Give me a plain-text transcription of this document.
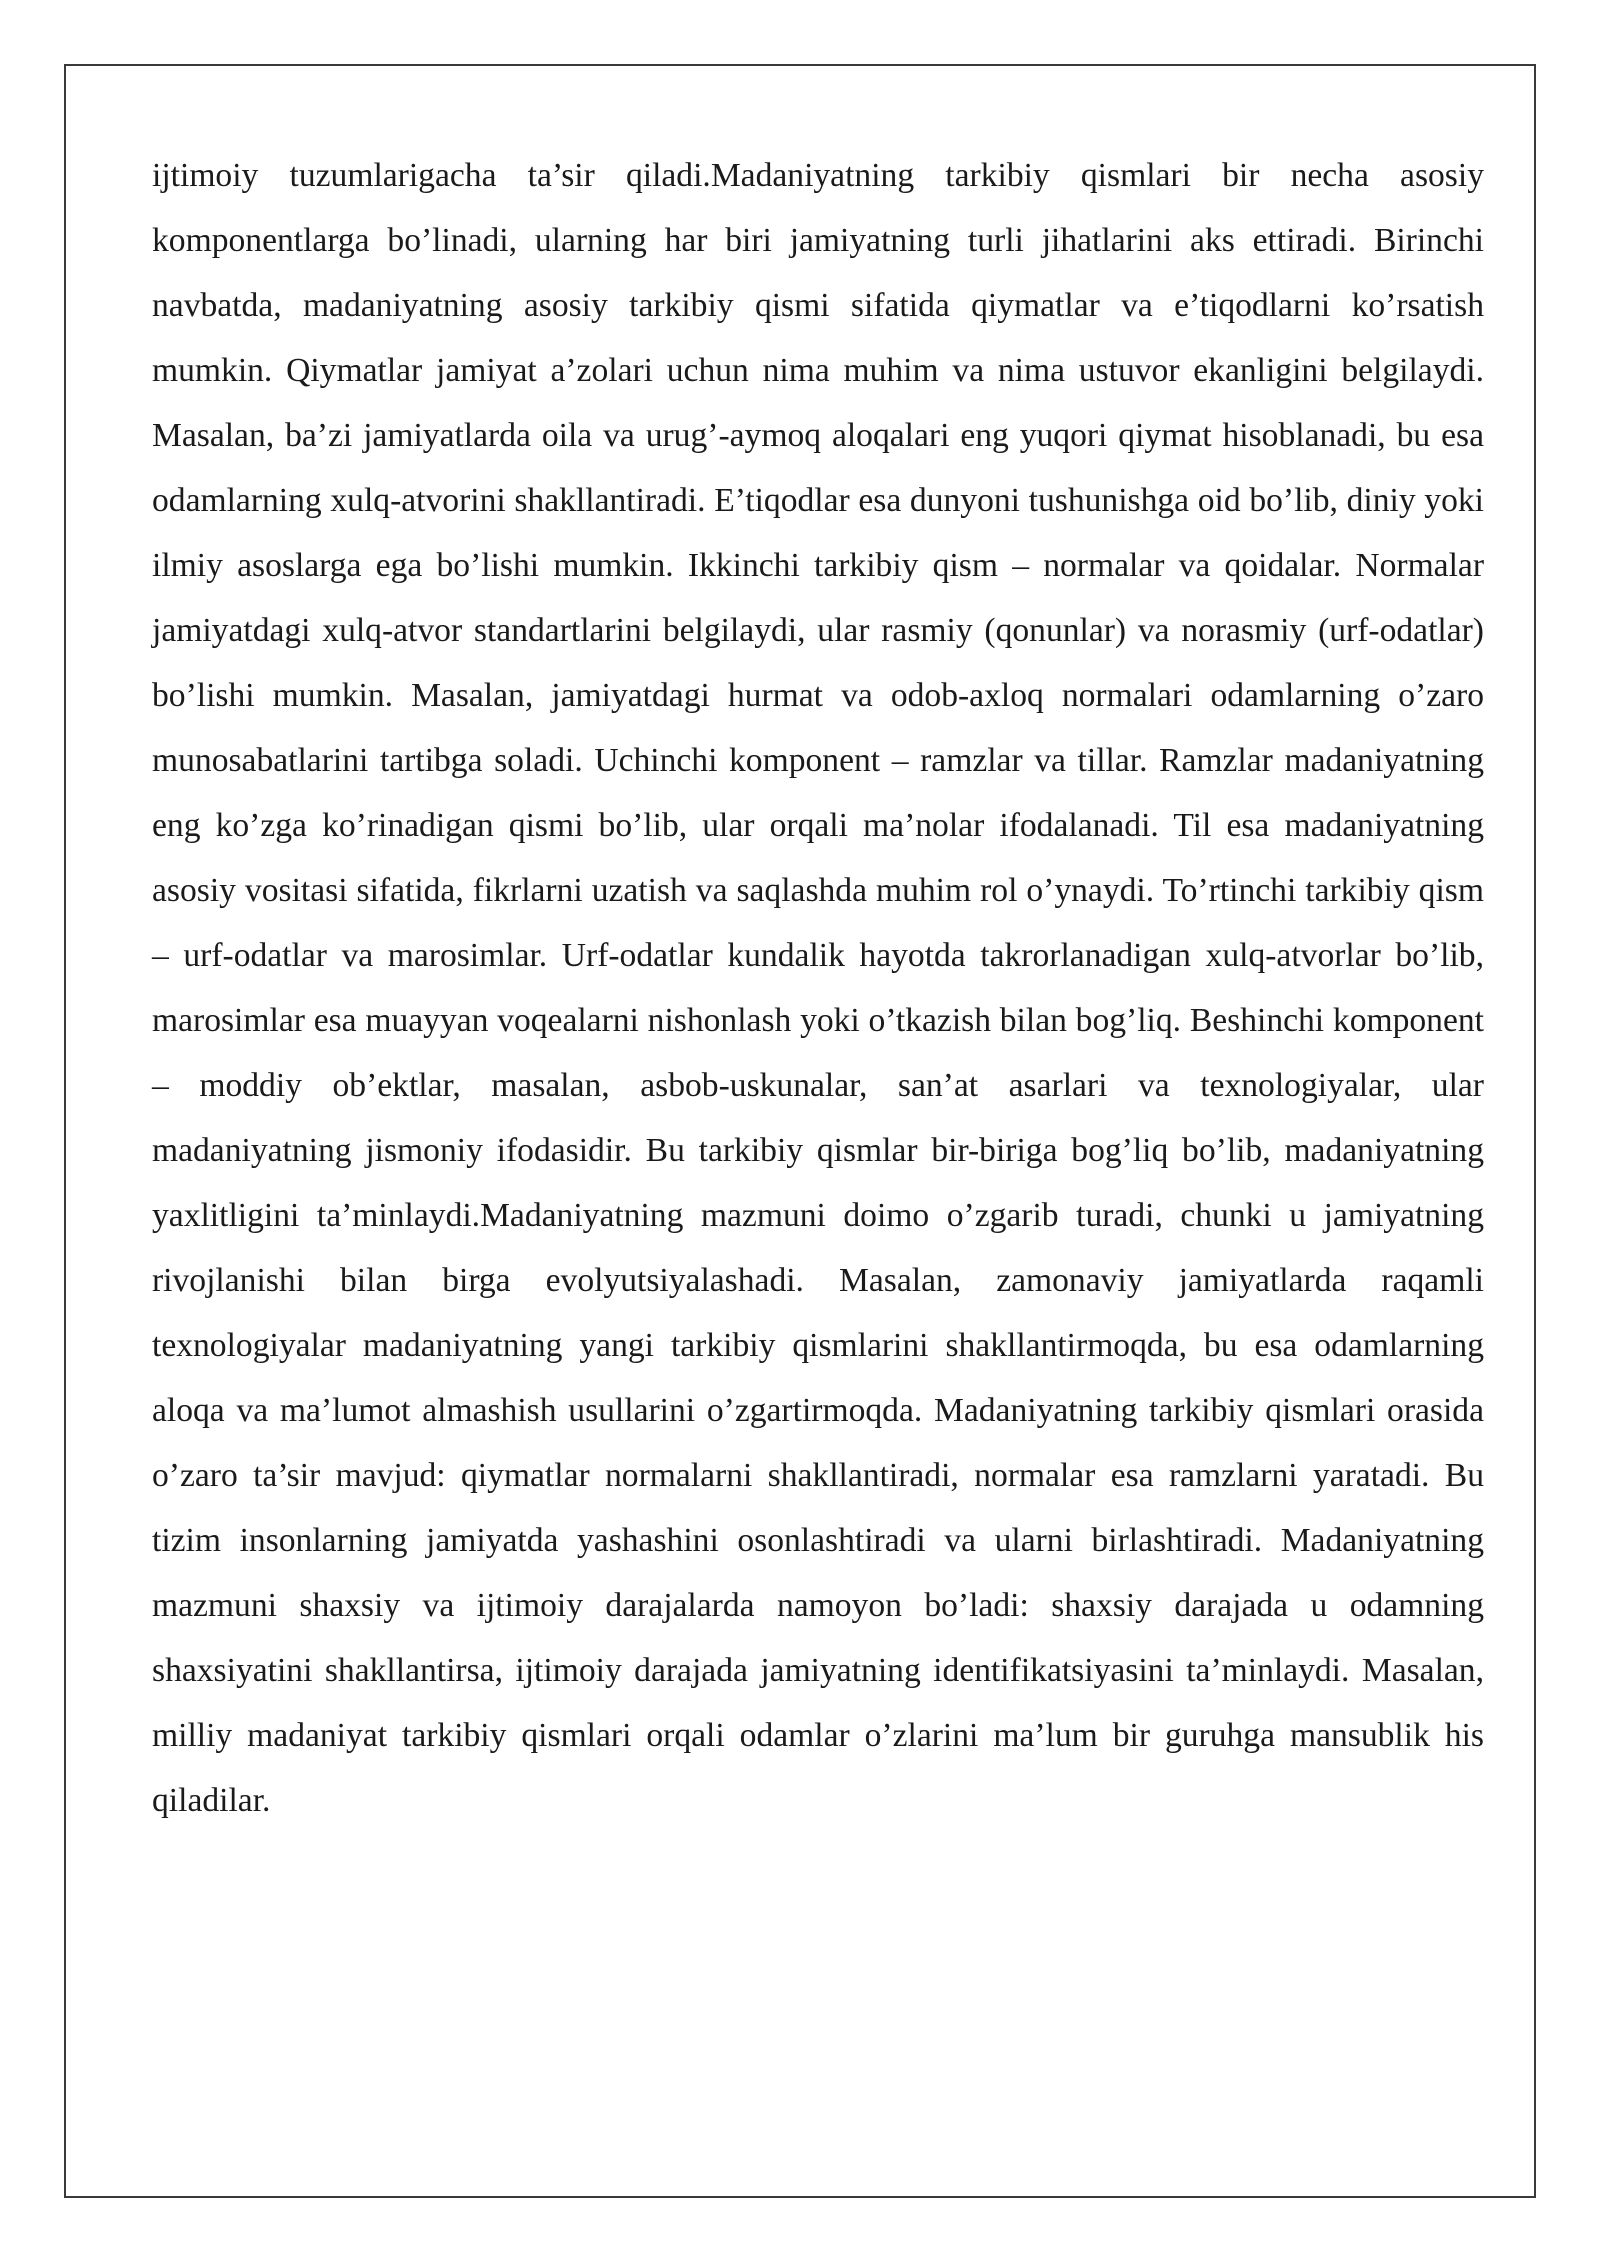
ijtimoiy tuzumlarigacha ta’sir qiladi.Madaniyatning tarkibiy qismlari bir necha asosiy komponentlarga bo’linadi, ularning har biri jamiyatning turli jihatlarini aks ettiradi. Birinchi navbatda, madaniyatning asosiy tarkibiy qismi sifatida qiymatlar va e’tiqodlarni ko’rsatish mumkin. Qiymatlar jamiyat a’zolari uchun nima muhim va nima ustuvor ekanligini belgilaydi. Masalan, ba’zi jamiyatlarda oila va urug’-aymoq aloqalari eng yuqori qiymat hisoblanadi, bu esa odamlarning xulq-atvorini shakllantiradi. E’tiqodlar esa dunyoni tushunishga oid bo’lib, diniy yoki ilmiy asoslarga ega bo’lishi mumkin. Ikkinchi tarkibiy qism – normalar va qoidalar. Normalar jamiyatdagi xulq-atvor standartlarini belgilaydi, ular rasmiy (qonunlar) va norasmiy (urf-odatlar) bo’lishi mumkin. Masalan, jamiyatdagi hurmat va odob-axloq normalari odamlarning o’zaro munosabatlarini tartibga soladi. Uchinchi komponent – ramzlar va tillar. Ramzlar madaniyatning eng ko’zga ko’rinadigan qismi bo’lib, ular orqali ma’nolar ifodalanadi. Til esa madaniyatning asosiy vositasi sifatida, fikrlarni uzatish va saqlashda muhim rol o’ynaydi. To’rtinchi tarkibiy qism – urf-odatlar va marosimlar. Urf-odatlar kundalik hayotda takrorlanadigan xulq-atvorlar bo’lib, marosimlar esa muayyan voqealarni nishonlash yoki o’tkazish bilan bog’liq. Beshinchi komponent – moddiy ob’ektlar, masalan, asbob-uskunalar, san’at asarlari va texnologiyalar, ular madaniyatning jismoniy ifodasidir. Bu tarkibiy qismlar bir-biriga bog’liq bo’lib, madaniyatning yaxlitligini ta’minlaydi.Madaniyatning mazmuni doimo o’zgarib turadi, chunki u jamiyatning rivojlanishi bilan birga evolyutsiyalashadi. Masalan, zamonaviy jamiyatlarda raqamli texnologiyalar madaniyatning yangi tarkibiy qismlarini shakllantirmoqda, bu esa odamlarning aloqa va ma’lumot almashish usullarini o’zgartirmoqda. Madaniyatning tarkibiy qismlari orasida o’zaro ta’sir mavjud: qiymatlar normalarni shakllantiradi, normalar esa ramzlarni yaratadi. Bu tizim insonlarning jamiyatda yashashini osonlashtiradi va ularni birlashtiradi. Madaniyatning mazmuni shaxsiy va ijtimoiy darajalarda namoyon bo’ladi: shaxsiy darajada u odamning shaxsiyatini shakllantirsa, ijtimoiy darajada jamiyatning identifikatsiyasini ta’minlaydi. Masalan, milliy madaniyat tarkibiy qismlari orqali odamlar o’zlarini ma’lum bir guruhga mansublik his qiladilar.
